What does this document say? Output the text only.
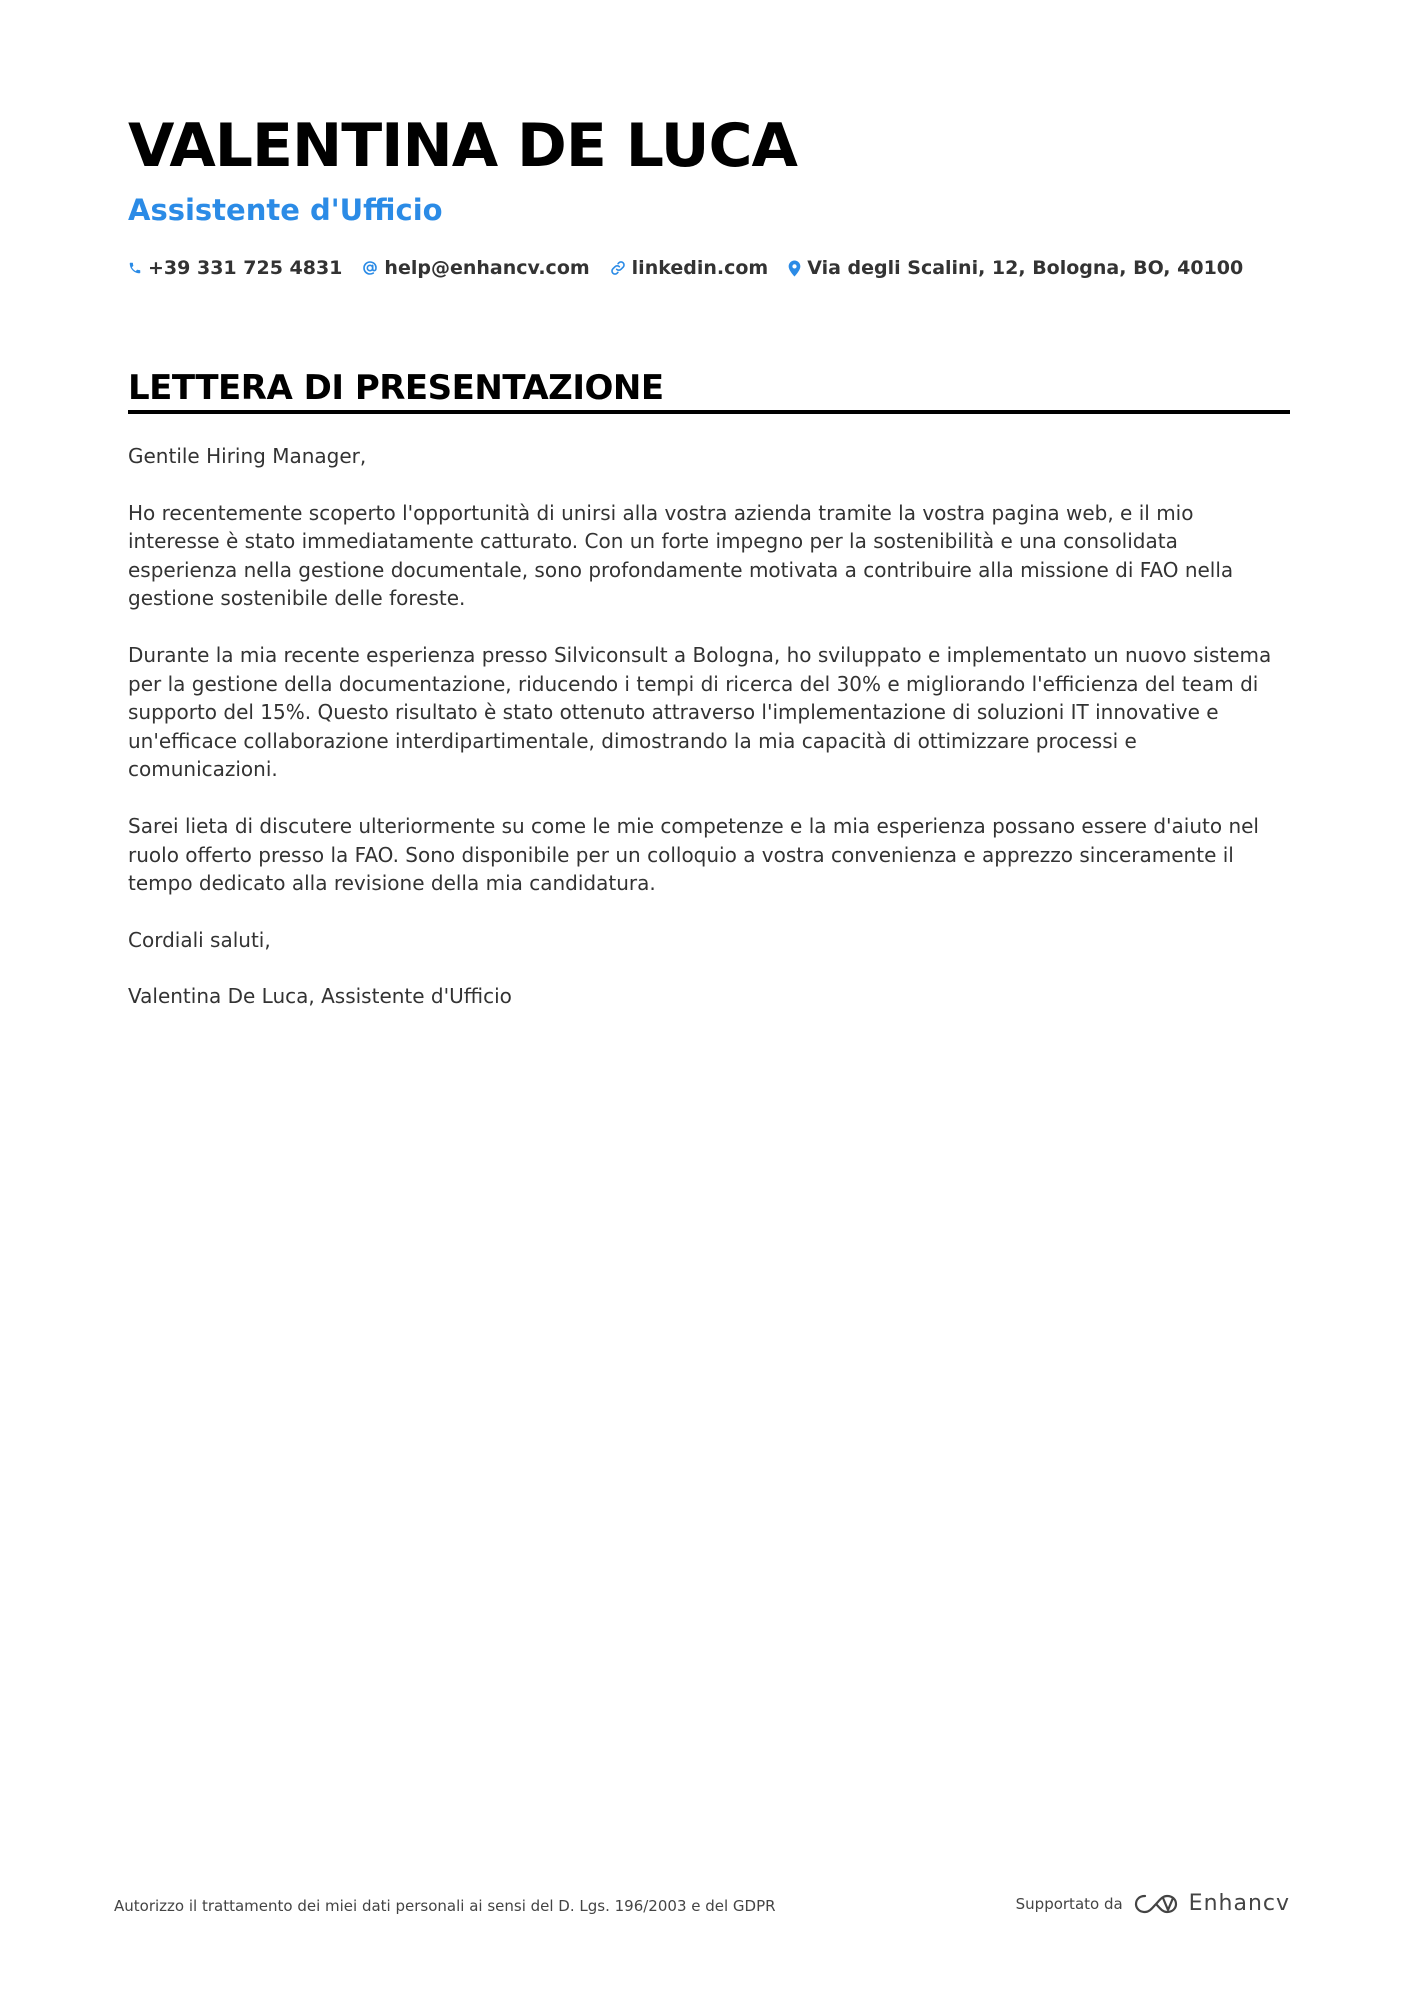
VALENTINA DE LUCA
Assistente d'Ufficio
+39 331 725 4831 help@enhancv.com linkedin.com Via degli Scalini, 12, Bologna, BO, 40100
LETTERA DI PRESENTAZIONE

Gentile Hiring Manager,

Ho recentemente scoperto l'opportunità di unirsi alla vostra azienda tramite la vostra pagina web, e il mio interesse è stato immediatamente catturato. Con un forte impegno per la sostenibilità e una consolidata esperienza nella gestione documentale, sono profondamente motivata a contribuire alla missione di FAO nella gestione sostenibile delle foreste.

Durante la mia recente esperienza presso Silviconsult a Bologna, ho sviluppato e implementato un nuovo sistema per la gestione della documentazione, riducendo i tempi di ricerca del 30% e migliorando l'efficienza del team di supporto del 15%. Questo risultato è stato ottenuto attraverso l'implementazione di soluzioni IT innovative e un'efficace collaborazione interdipartimentale, dimostrando la mia capacità di ottimizzare processi e comunicazioni.

Sarei lieta di discutere ulteriormente su come le mie competenze e la mia esperienza possano essere d'aiuto nel ruolo offerto presso la FAO. Sono disponibile per un colloquio a vostra convenienza e apprezzo sinceramente il tempo dedicato alla revisione della mia candidatura.

Cordiali saluti,

Valentina De Luca, Assistente d'Ufficio

Autorizzo il trattamento dei miei dati personali ai sensi del D. Lgs. 196/2003 e del GDPR	Supportato da	Enhancv
